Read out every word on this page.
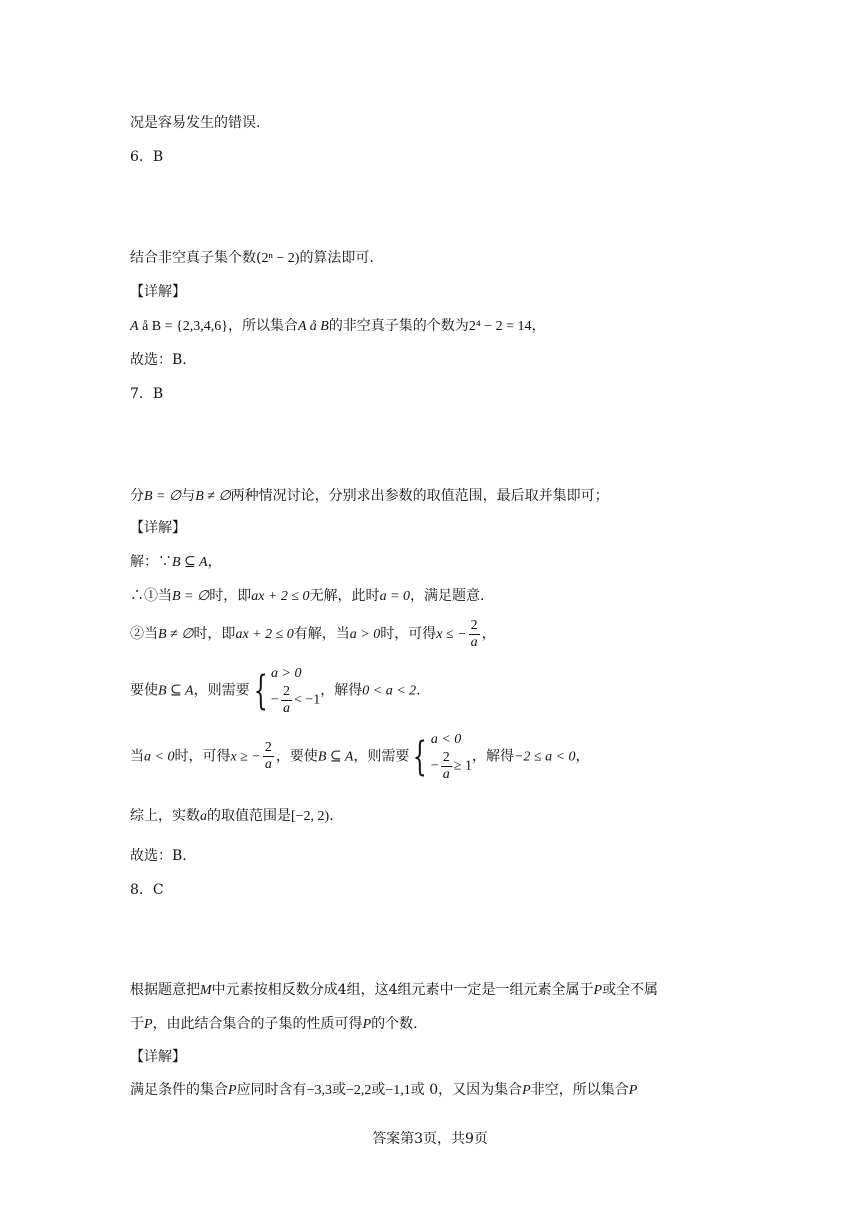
况是容易发生的错误.
6．B
结合非空真子集个数(2ⁿ − 2)的算法即可.
【详解】
A å B = {2,3,4,6}，所以集合A å B的非空真子集的个数为2⁴ − 2 = 14，
故选：B.
7．B
分B = ∅与B ≠ ∅两种情况讨论，分别求出参数的取值范围，最后取并集即可；
【详解】
解：∵B ⊆ A，
∴①当B = ∅时，即ax + 2 ≤ 0无解，此时a = 0，满足题意.
②当B ≠ ∅时，即ax + 2 ≤ 0有解，当a > 0时，可得x ≤ − $\frac{2}{a}$ ，
要使B ⊆ A，则需要{ a > 0
− $\frac{2}{a} < -1$
，解得0 < a < 2.
当a < 0时，可得x ≥ − $\frac{2}{a}$ ，要使B ⊆ A，则需要{ a < 0
− $\frac{2}{a} \ge 1$
，解得−2 ≤ a < 0，
综上，实数a的取值范围是[−2, 2).
故选：B.
8．C
根据题意把M中元素按相反数分成4组，这4组元素中一定是一组元素全属于P或全不属
于P，由此结合集合的子集的性质可得P的个数.
【详解】
满足条件的集合P应同时含有−3,3或−2,2或−1,1或 0，又因为集合P非空，所以集合P
答案第3页，共9页
